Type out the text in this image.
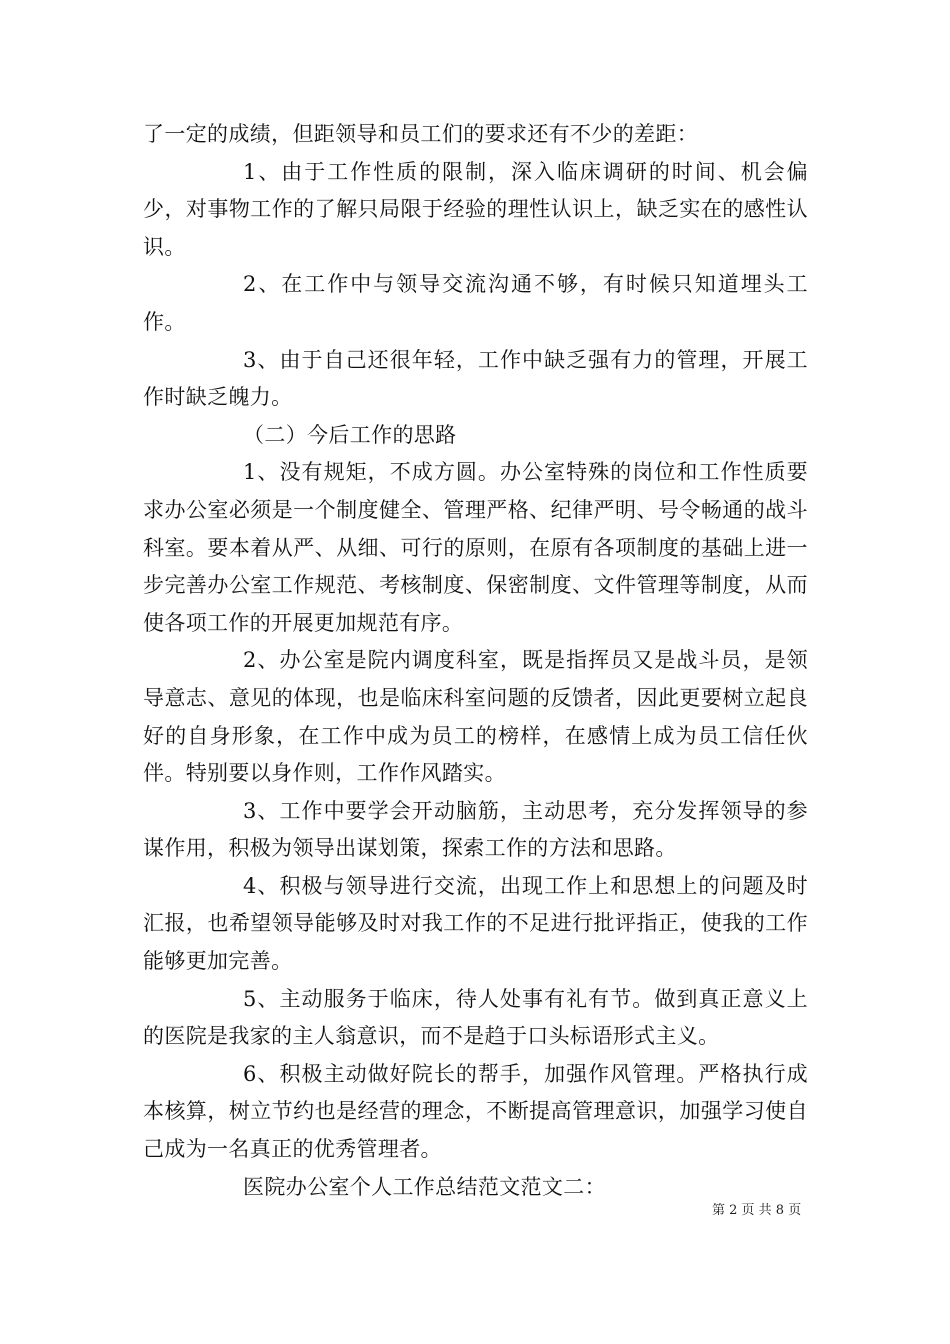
了一定的成绩，但距领导和员工们的要求还有不少的差距：

1、由于工作性质的限制，深入临床调研的时间、机会偏少，对事物工作的了解只局限于经验的理性认识上，缺乏实在的感性认识。

2、在工作中与领导交流沟通不够，有时候只知道埋头工作。

3、由于自己还很年轻，工作中缺乏强有力的管理，开展工作时缺乏魄力。

（二）今后工作的思路

1、没有规矩，不成方圆。办公室特殊的岗位和工作性质要求办公室必须是一个制度健全、管理严格、纪律严明、号令畅通的战斗科室。要本着从严、从细、可行的原则，在原有各项制度的基础上进一步完善办公室工作规范、考核制度、保密制度、文件管理等制度，从而使各项工作的开展更加规范有序。

2、办公室是院内调度科室，既是指挥员又是战斗员，是领导意志、意见的体现，也是临床科室问题的反馈者，因此更要树立起良好的自身形象，在工作中成为员工的榜样，在感情上成为员工信任伙伴。特别要以身作则，工作作风踏实。

3、工作中要学会开动脑筋，主动思考，充分发挥领导的参谋作用，积极为领导出谋划策，探索工作的方法和思路。

4、积极与领导进行交流，出现工作上和思想上的问题及时汇报，也希望领导能够及时对我工作的不足进行批评指正，使我的工作能够更加完善。

5、主动服务于临床，待人处事有礼有节。做到真正意义上的医院是我家的主人翁意识，而不是趋于口头标语形式主义。

6、积极主动做好院长的帮手，加强作风管理。严格执行成本核算，树立节约也是经营的理念，不断提高管理意识，加强学习使自己成为一名真正的优秀管理者。

医院办公室个人工作总结范文范文二：

第 2 页 共 8 页
